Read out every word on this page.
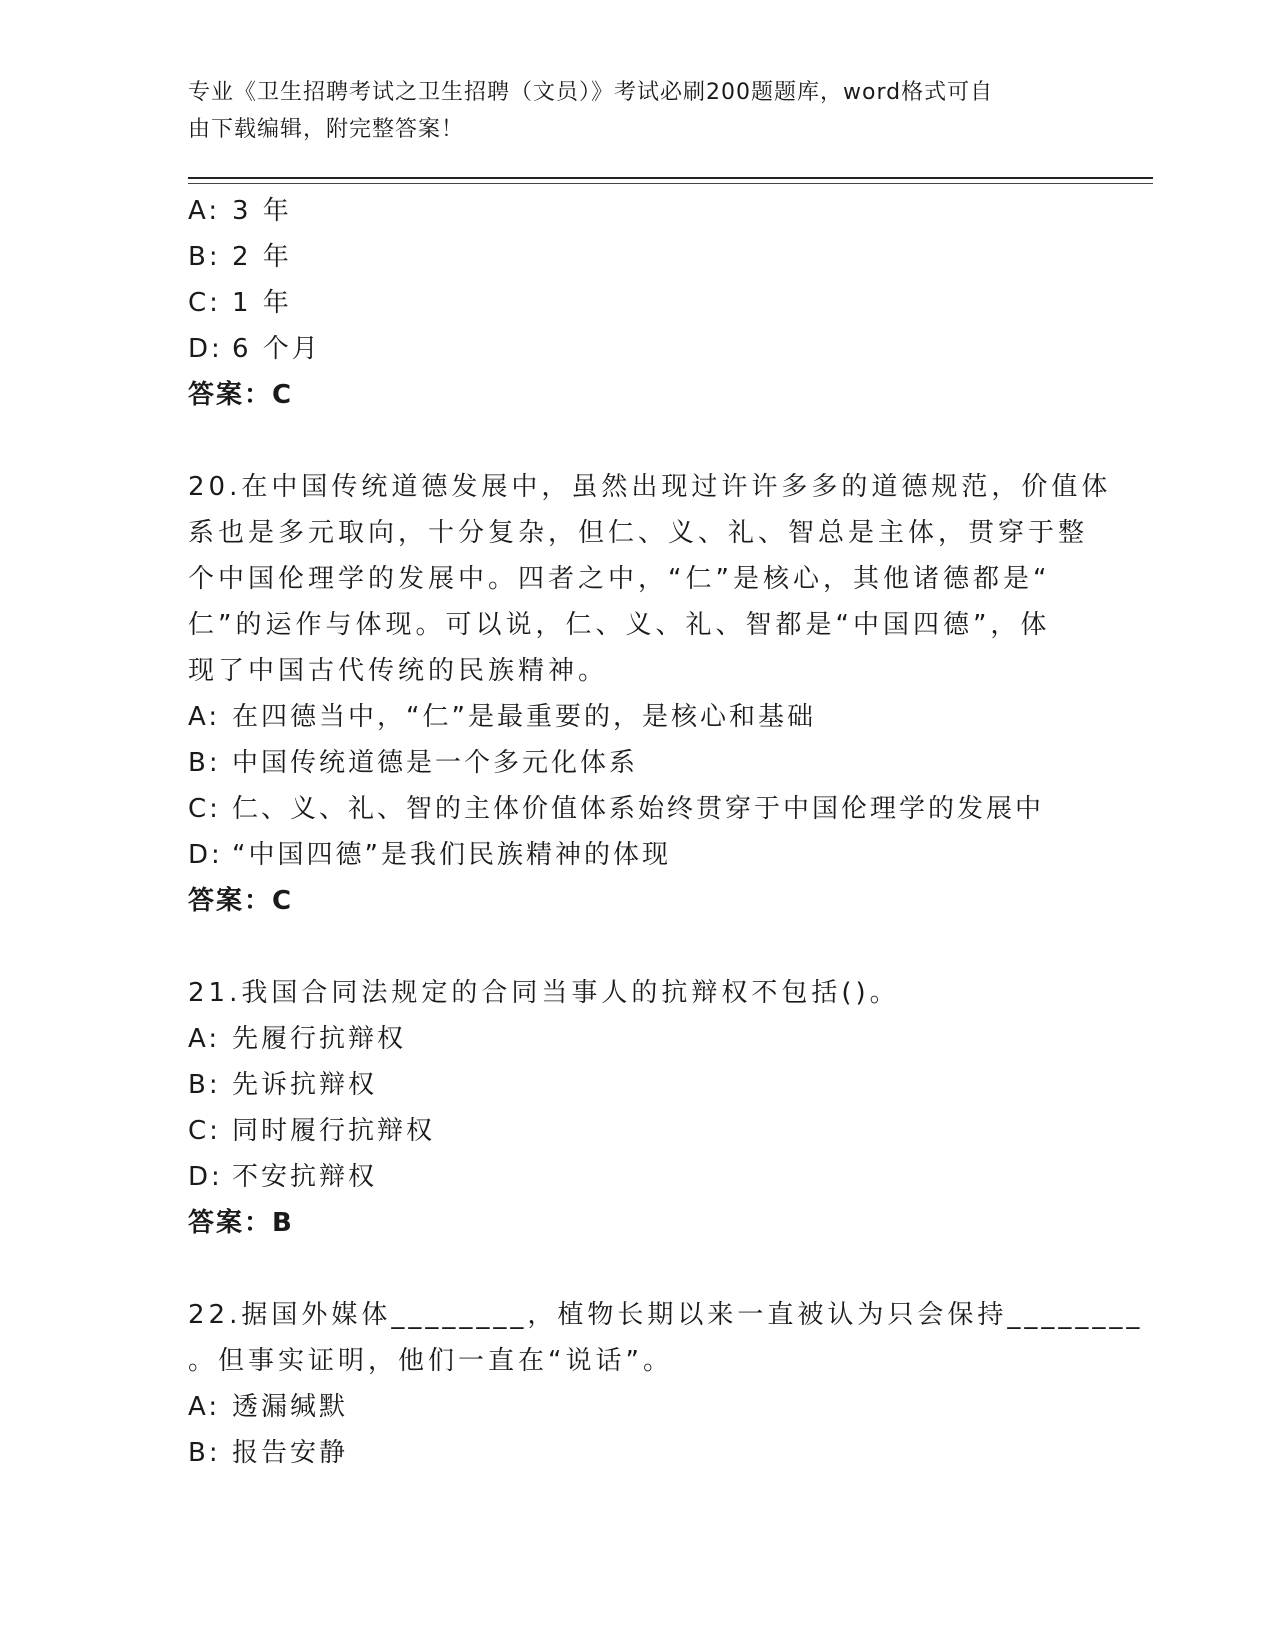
专业《卫生招聘考试之卫生招聘（文员）》考试必刷200题题库，word格式可自
由下载编辑，附完整答案！
A: 3 年
B: 2 年
C: 1 年
D: 6 个月
答案：C
20.在中国传统道德发展中，虽然出现过许许多多的道德规范，价值体
系也是多元取向，十分复杂，但仁、义、礼、智总是主体，贯穿于整
个中国伦理学的发展中。四者之中，“仁”是核心，其他诸德都是“
仁”的运作与体现。可以说，仁、义、礼、智都是“中国四德”，体
现了中国古代传统的民族精神。
A: 在四德当中，“仁”是最重要的，是核心和基础
B: 中国传统道德是一个多元化体系
C: 仁、义、礼、智的主体价值体系始终贯穿于中国伦理学的发展中
D: “中国四德”是我们民族精神的体现
答案：C
21.我国合同法规定的合同当事人的抗辩权不包括()。
A: 先履行抗辩权
B: 先诉抗辩权
C: 同时履行抗辩权
D: 不安抗辩权
答案：B
22.据国外媒体________，植物长期以来一直被认为只会保持________
。但事实证明，他们一直在“说话”。
A: 透漏缄默
B: 报告安静
